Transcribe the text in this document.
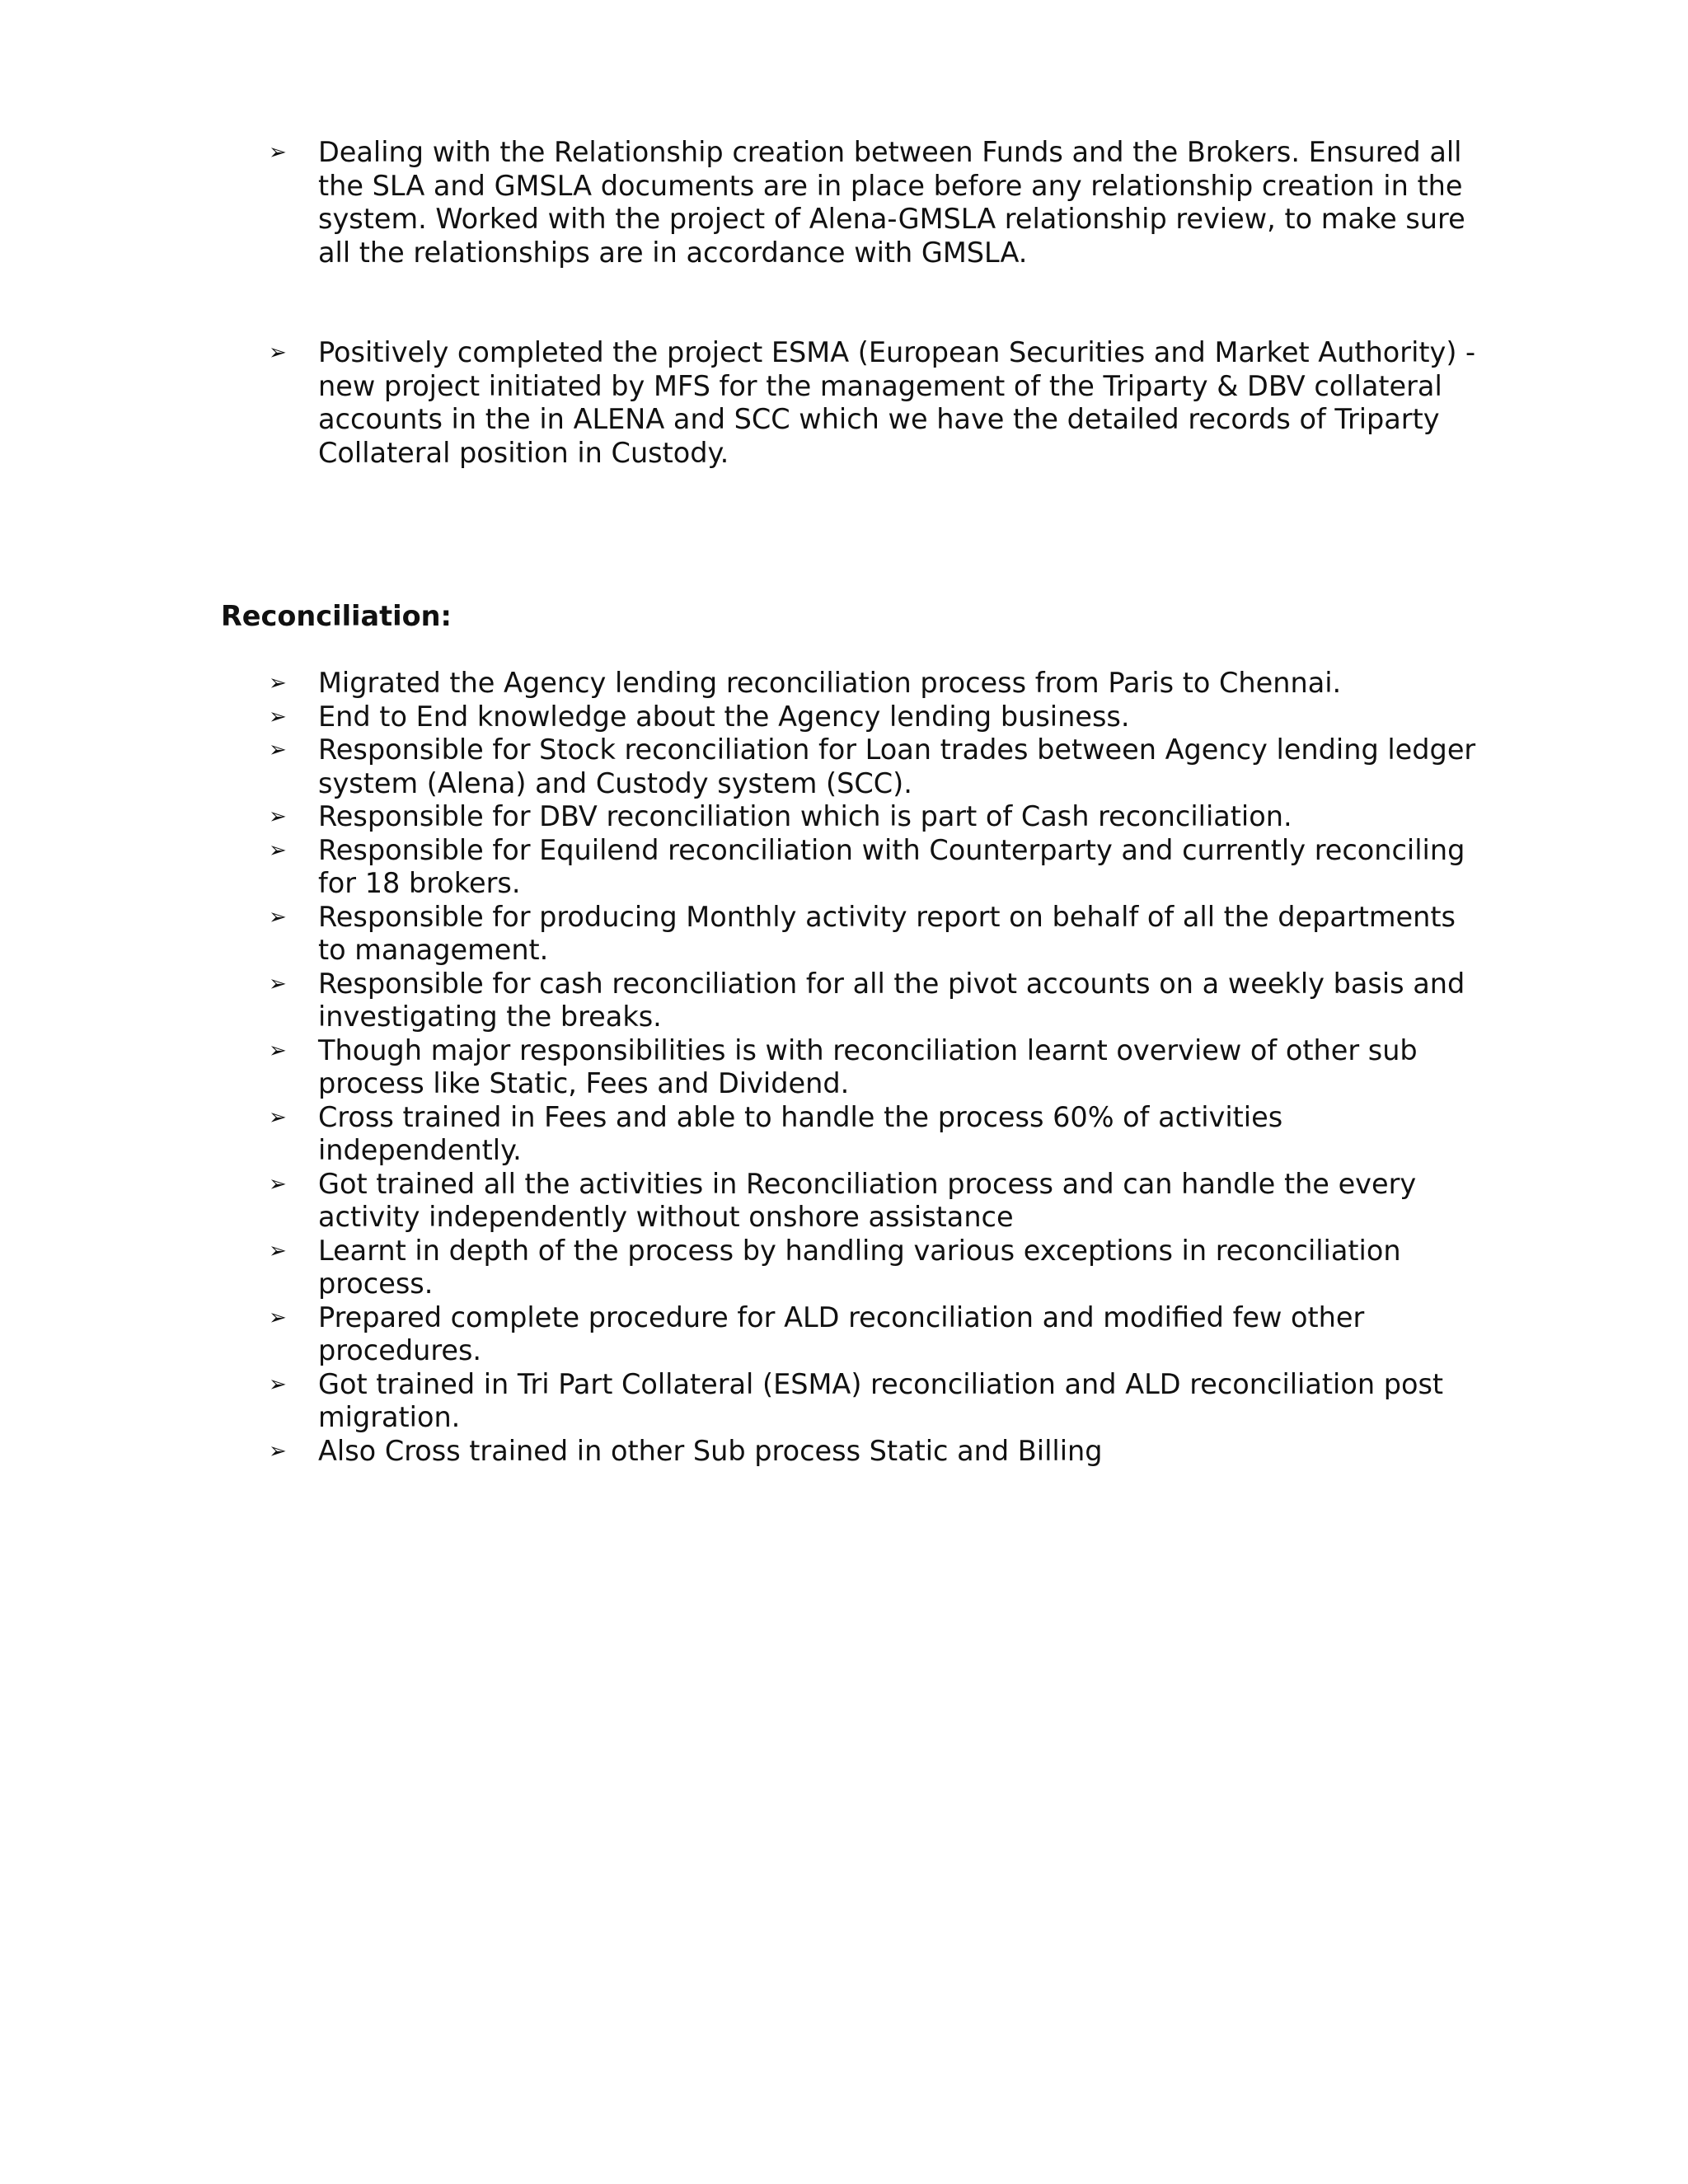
➢ Dealing with the Relationship creation between Funds and the Brokers. Ensured all the SLA and GMSLA documents are in place before any relationship creation in the system. Worked with the project of Alena-GMSLA relationship review, to make sure all the relationships are in accordance with GMSLA.
➢ Positively completed the project ESMA (European Securities and Market Authority) - new project initiated by MFS for the management of the Triparty & DBV collateral accounts in the in ALENA and SCC which we have the detailed records of Triparty Collateral position in Custody.
Reconciliation:
➢ Migrated the Agency lending reconciliation process from Paris to Chennai.
➢ End to End knowledge about the Agency lending business.
➢ Responsible for Stock reconciliation for Loan trades between Agency lending ledger system (Alena) and Custody system (SCC).
➢ Responsible for DBV reconciliation which is part of Cash reconciliation.
➢ Responsible for Equilend reconciliation with Counterparty and currently reconciling for 18 brokers.
➢ Responsible for producing Monthly activity report on behalf of all the departments to management.
➢ Responsible for cash reconciliation for all the pivot accounts on a weekly basis and investigating the breaks.
➢ Though major responsibilities is with reconciliation learnt overview of other sub process like Static, Fees and Dividend.
➢ Cross trained in Fees and able to handle the process 60% of activities independently.
➢ Got trained all the activities in Reconciliation process and can handle the every activity independently without onshore assistance
➢ Learnt in depth of the process by handling various exceptions in reconciliation process.
➢ Prepared complete procedure for ALD reconciliation and modified few other procedures.
➢ Got trained in Tri Part Collateral (ESMA) reconciliation and ALD reconciliation post migration.
➢ Also Cross trained in other Sub process Static and Billing
